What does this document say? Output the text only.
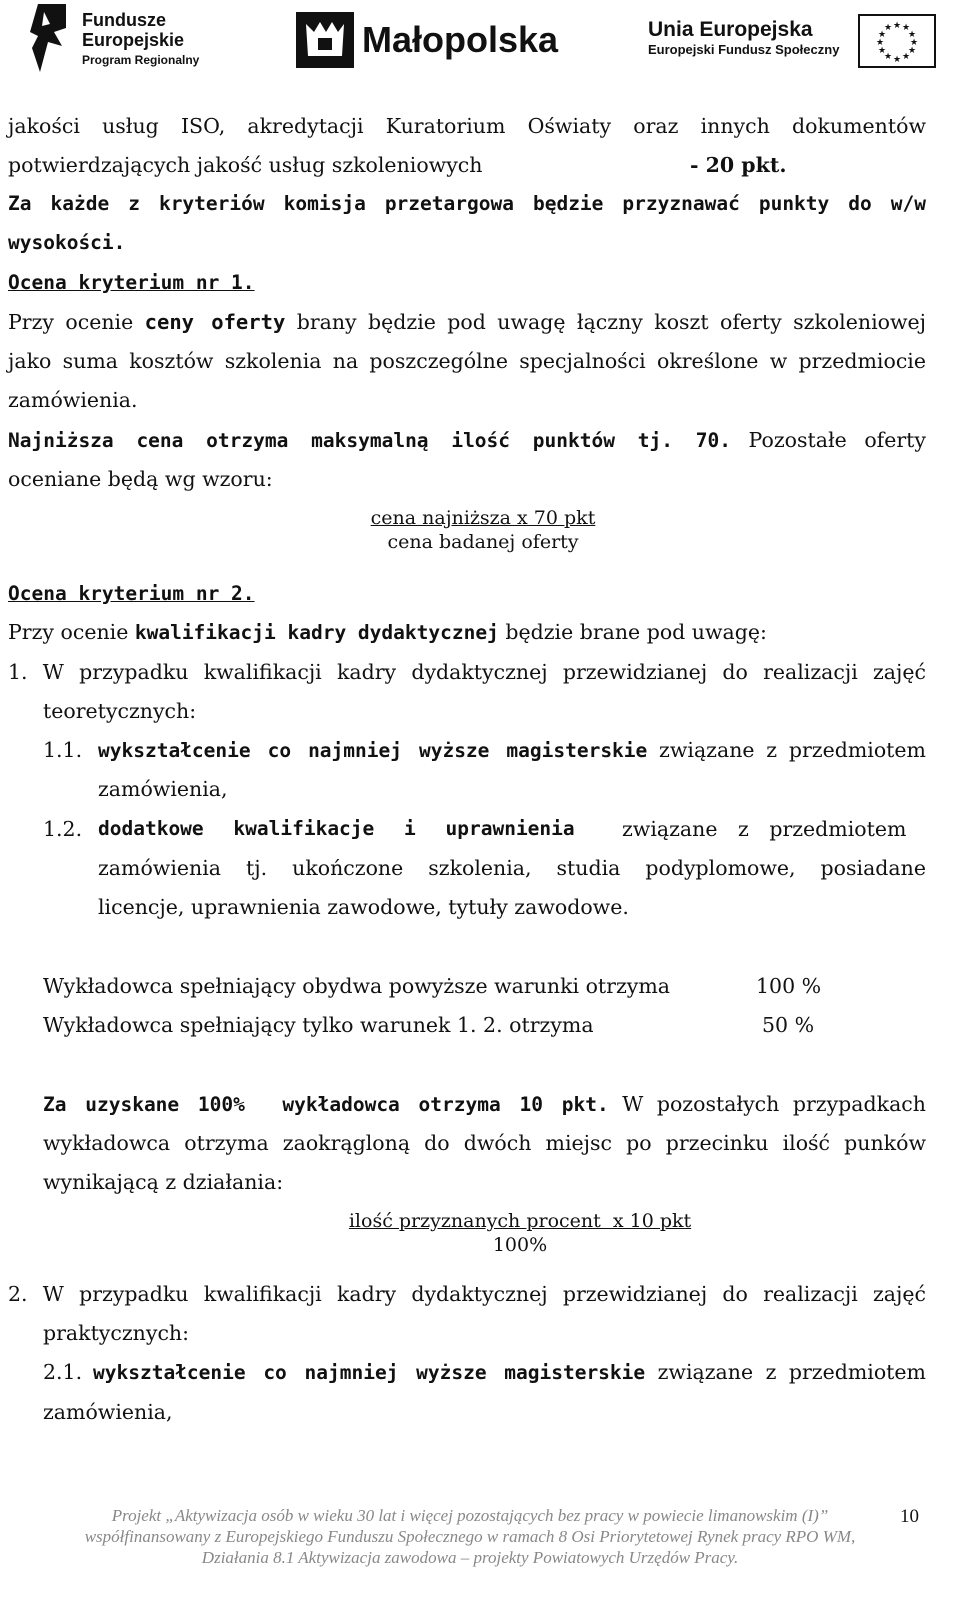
Fundusze
Europejskie
Program Regionalny	Małopolska	Unia Europejska
Europejski Fundusz Społeczny
★ ★
★
★
★
★
★
★
★
★
★
★
jakości usług ISO, akredytacji Kuratorium Oświaty oraz innych dokumentów
potwierdzających jakość usług szkoleniowych	- 20 pkt.
Za każde z kryteriów komisja przetargowa będzie przyznawać punkty do w/w
wysokości.
Ocena kryterium nr 1.
Przy ocenie ceny oferty brany będzie pod uwagę łączny koszt oferty szkoleniowej
jako suma kosztów szkolenia na poszczególne specjalności określone w przedmiocie
zamówienia.
Najniższa cena otrzyma maksymalną ilość punktów tj. 70. Pozostałe oferty
oceniane będą wg wzoru:
cena najniższa x 70 pkt
cena badanej oferty
Ocena kryterium nr 2.
Przy ocenie kwalifikacji kadry dydaktycznej będzie brane pod uwagę:
1. W przypadku kwalifikacji kadry dydaktycznej przewidzianej do realizacji zajęć
teoretycznych:
1.1. wykształcenie co najmniej wyższe magisterskie związane z przedmiotem
zamówienia,
1.2. dodatkowe kwalifikacje i uprawnienia związane z przedmiotem
zamówienia tj. ukończone szkolenia, studia podyplomowe, posiadane
licencje, uprawnienia zawodowe, tytuły zawodowe.
Wykładowca spełniający obydwa powyższe warunki otrzyma	100 %
Wykładowca spełniający tylko warunek 1. 2. otrzyma	50 %
Za uzyskane 100%  wykładowca otrzyma 10 pkt. W pozostałych przypadkach
wykładowca otrzyma zaokrągloną do dwóch miejsc po przecinku ilość punków
wynikającą z działania:
ilość przyznanych procent  x 10 pkt
100%
2. W przypadku kwalifikacji kadry dydaktycznej przewidzianej do realizacji zajęć
praktycznych:
2.1. wykształcenie co najmniej wyższe magisterskie związane z przedmiotem
zamówienia,
Projekt „Aktywizacja osób w wieku 30 lat i więcej pozostających bez pracy w powiecie limanowskim (I)”
współfinansowany z Europejskiego Funduszu Społecznego w ramach 8 Osi Priorytetowej Rynek pracy RPO WM,
Działania 8.1 Aktywizacja zawodowa – projekty Powiatowych Urzędów Pracy.
10
